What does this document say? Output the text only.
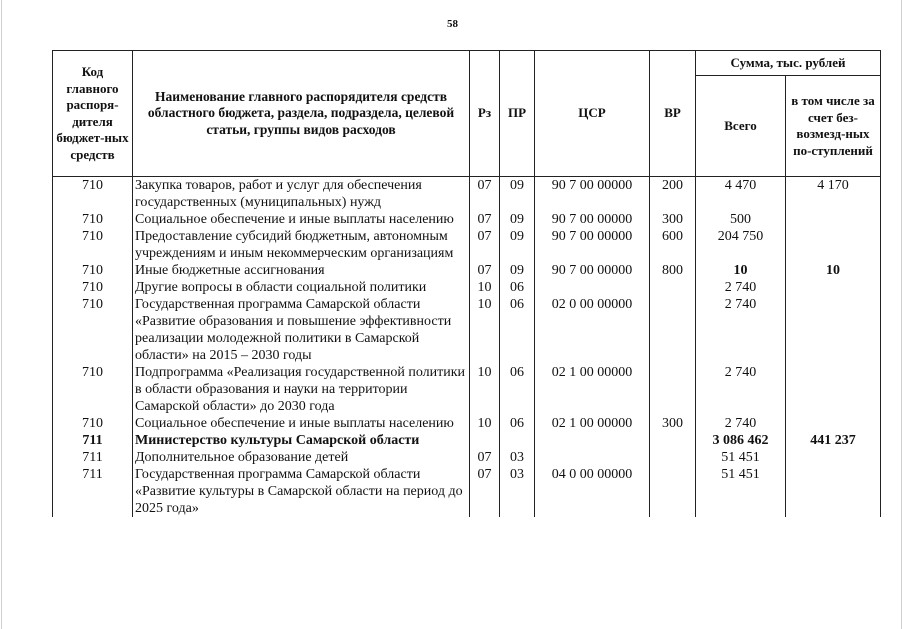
58
Код главного распоря-дителя бюджет-ных средств	Наименование главного распорядителя средств областного бюджета, раздела, подраздела, целевой статьи, группы видов расходов	Рз	ПР	ЦСР	ВР	Сумма, тыс. рублей	
						Всего	в том числе за счет без-возмезд-ных по-ступлений
710	Закупка товаров, работ и услуг для обеспечения государственных (муниципальных) нужд	07	09	90 7 00 00000	200	4 470	4 170
710	Социальное обеспечение и иные выплаты населению	07	09	90 7 00 00000	300	500	
710	Предоставление субсидий бюджетным, автономным учреждениям и иным некоммерческим организациям	07	09	90 7 00 00000	600	204 750	
710	Иные бюджетные ассигнования	07	09	90 7 00 00000	800	10	10
710	Другие вопросы в области социальной политики	10	06			2 740	
710	Государственная программа Самарской области «Развитие образования и повышение эффективности реализации молодежной политики в Самарской области» на 2015 – 2030 годы	10	06	02 0 00 00000		2 740	
710	Подпрограмма «Реализация государственной политики в области образования и науки на территории Самарской области» до 2030 года	10	06	02 1 00 00000		2 740	
710	Социальное обеспечение и иные выплаты населению	10	06	02 1 00 00000	300	2 740	
711	Министерство культуры Самарской области					3 086 462	441 237
711	Дополнительное образование детей	07	03			51 451	
711	Государственная программа Самарской области «Развитие культуры в Самарской области на период до 2025 года»	07	03	04 0 00 00000		51 451	
